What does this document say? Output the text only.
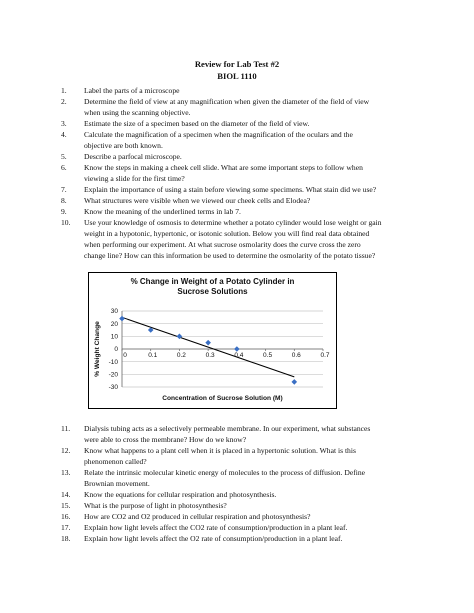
Review for Lab Test #2
BIOL 1110
1.	Label the parts of a microscope
2.	Determine the field of view at any magnification when given the diameter of the field of view
when using the scanning objective.
3.	Estimate the size of a specimen based on the diameter of the field of view.
4.	Calculate the magnification of a specimen when the magnification of the oculars and the
objective are both known.
5.	Describe a parfocal microscope.
6.	Know the steps in making a cheek cell slide. What are some important steps to follow when
viewing a slide for the first time?
7.	Explain the importance of using a stain before viewing some specimens. What stain did we use?
8.	What structures were visible when we viewed our cheek cells and Elodea?
9.	Know the meaning of the underlined terms in lab 7.
10.	Use your knowledge of osmosis to determine whether a potato cylinder would lose weight or gain
weight in a hypotonic, hypertonic, or isotonic solution. Below you will find real data obtained
when performing our experiment. At what sucrose osmolarity does the curve cross the zero
change line? How can this information be used to determine the osmolarity of the potato tissue?
% Change in Weight of a Potato Cylinder in
Sucrose Solutions
30
20
10
0
-10
-20
-30
0	0.1	0.2	0.3	0.4	0.5	0.6	0.7
Concentration of Sucrose Solution (M)
% Weight Change
11.	Dialysis tubing acts as a selectively permeable membrane. In our experiment, what substances
were able to cross the membrane? How do we know?
12.	Know what happens to a plant cell when it is placed in a hypertonic solution. What is this
phenomenon called?
13.	Relate the intrinsic molecular kinetic energy of molecules to the process of diffusion. Define
Brownian movement.
14.	Know the equations for cellular respiration and photosynthesis.
15.	What is the purpose of light in photosynthesis?
16.	How are CO2 and O2 produced in cellular respiration and photosynthesis?
17.	Explain how light levels affect the CO2 rate of consumption/production in a plant leaf.
18.	Explain how light levels affect the O2 rate of consumption/production in a plant leaf.
